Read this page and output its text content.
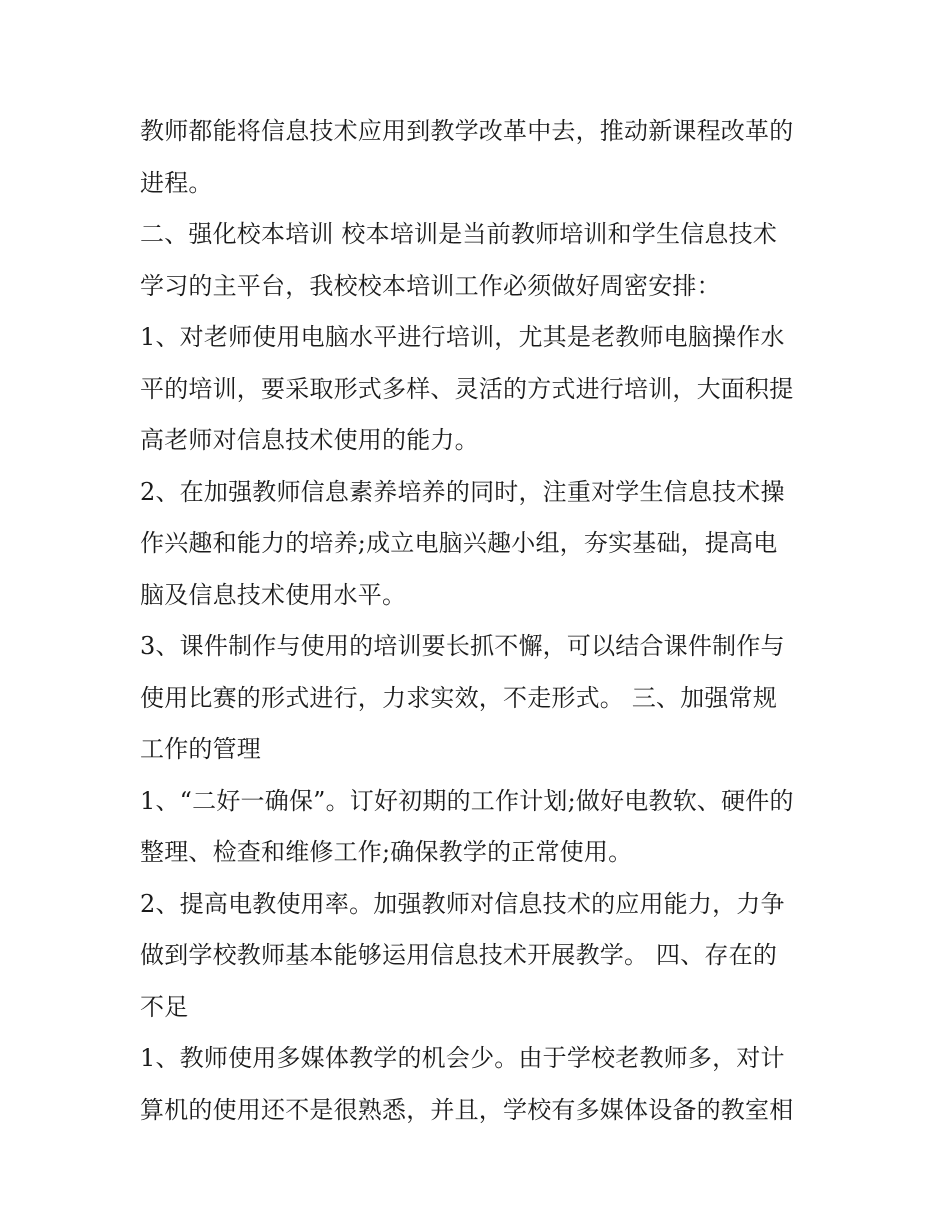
教师都能将信息技术应用到教学改革中去，推动新课程改革的
进程。
二、强化校本培训 校本培训是当前教师培训和学生信息技术
学习的主平台，我校校本培训工作必须做好周密安排：
1、对老师使用电脑水平进行培训，尤其是老教师电脑操作水
平的培训，要采取形式多样、灵活的方式进行培训，大面积提
高老师对信息技术使用的能力。
2、在加强教师信息素养培养的同时，注重对学生信息技术操
作兴趣和能力的培养;成立电脑兴趣小组，夯实基础，提高电
脑及信息技术使用水平。
3、课件制作与使用的培训要长抓不懈，可以结合课件制作与
使用比赛的形式进行，力求实效，不走形式。 三、加强常规
工作的管理
1、“二好一确保”。订好初期的工作计划;做好电教软、硬件的
整理、检查和维修工作;确保教学的正常使用。
2、提高电教使用率。加强教师对信息技术的应用能力，力争
做到学校教师基本能够运用信息技术开展教学。 四、存在的
不足
1、教师使用多媒体教学的机会少。由于学校老教师多，对计
算机的使用还不是很熟悉，并且，学校有多媒体设备的教室相
